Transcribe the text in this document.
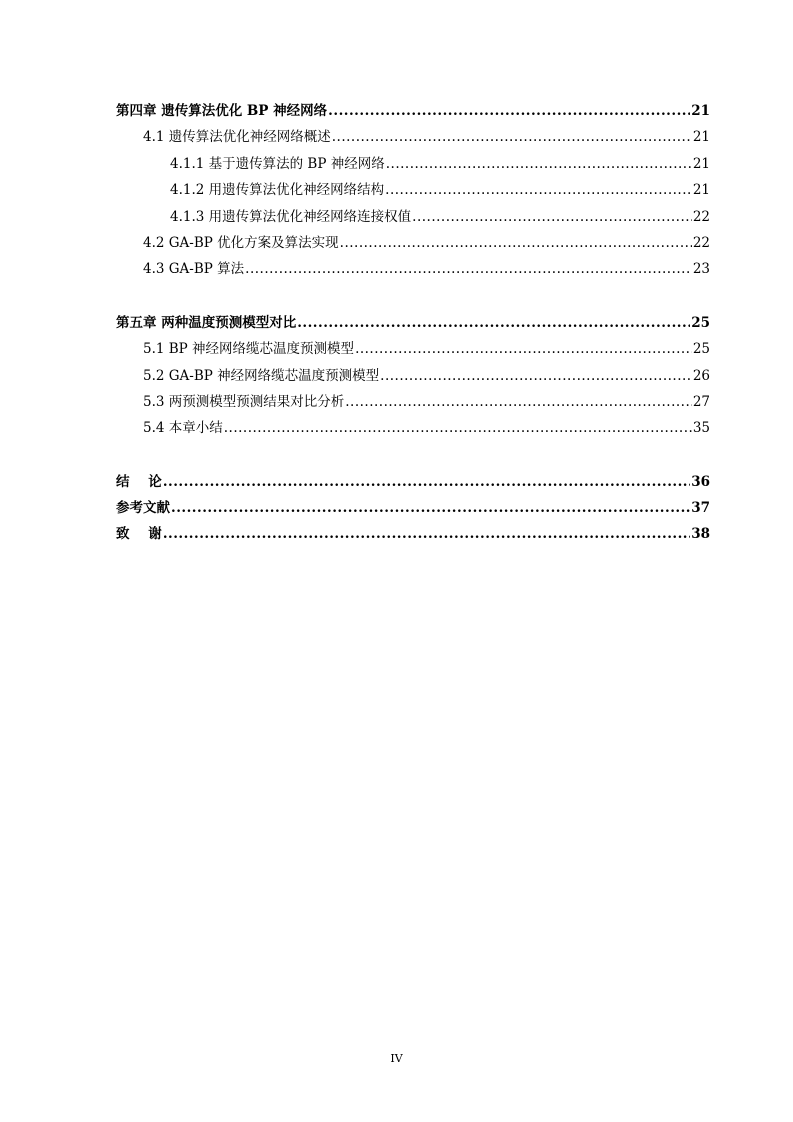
第四章 遗传算法优化 BP 神经网络 .....	21
4.1 遗传算法优化神经网络概述 .....	21
4.1.1 基于遗传算法的 BP 神经网络 .....	21
4.1.2 用遗传算法优化神经网络结构 .....	21
4.1.3 用遗传算法优化神经网络连接权值 .....	22
4.2 GA-BP 优化方案及算法实现 .....	22
4.3 GA-BP 算法 .....	23
第五章 两种温度预测模型对比 .....	25
5.1 BP 神经网络缆芯温度预测模型 .....	25
5.2 GA-BP 神经网络缆芯温度预测模型 .....	26
5.3 两预测模型预测结果对比分析 .....	27
5.4 本章小结 .....	35
结    论 .....	36
参考文献 .....	37
致    谢 .....	38
IV
